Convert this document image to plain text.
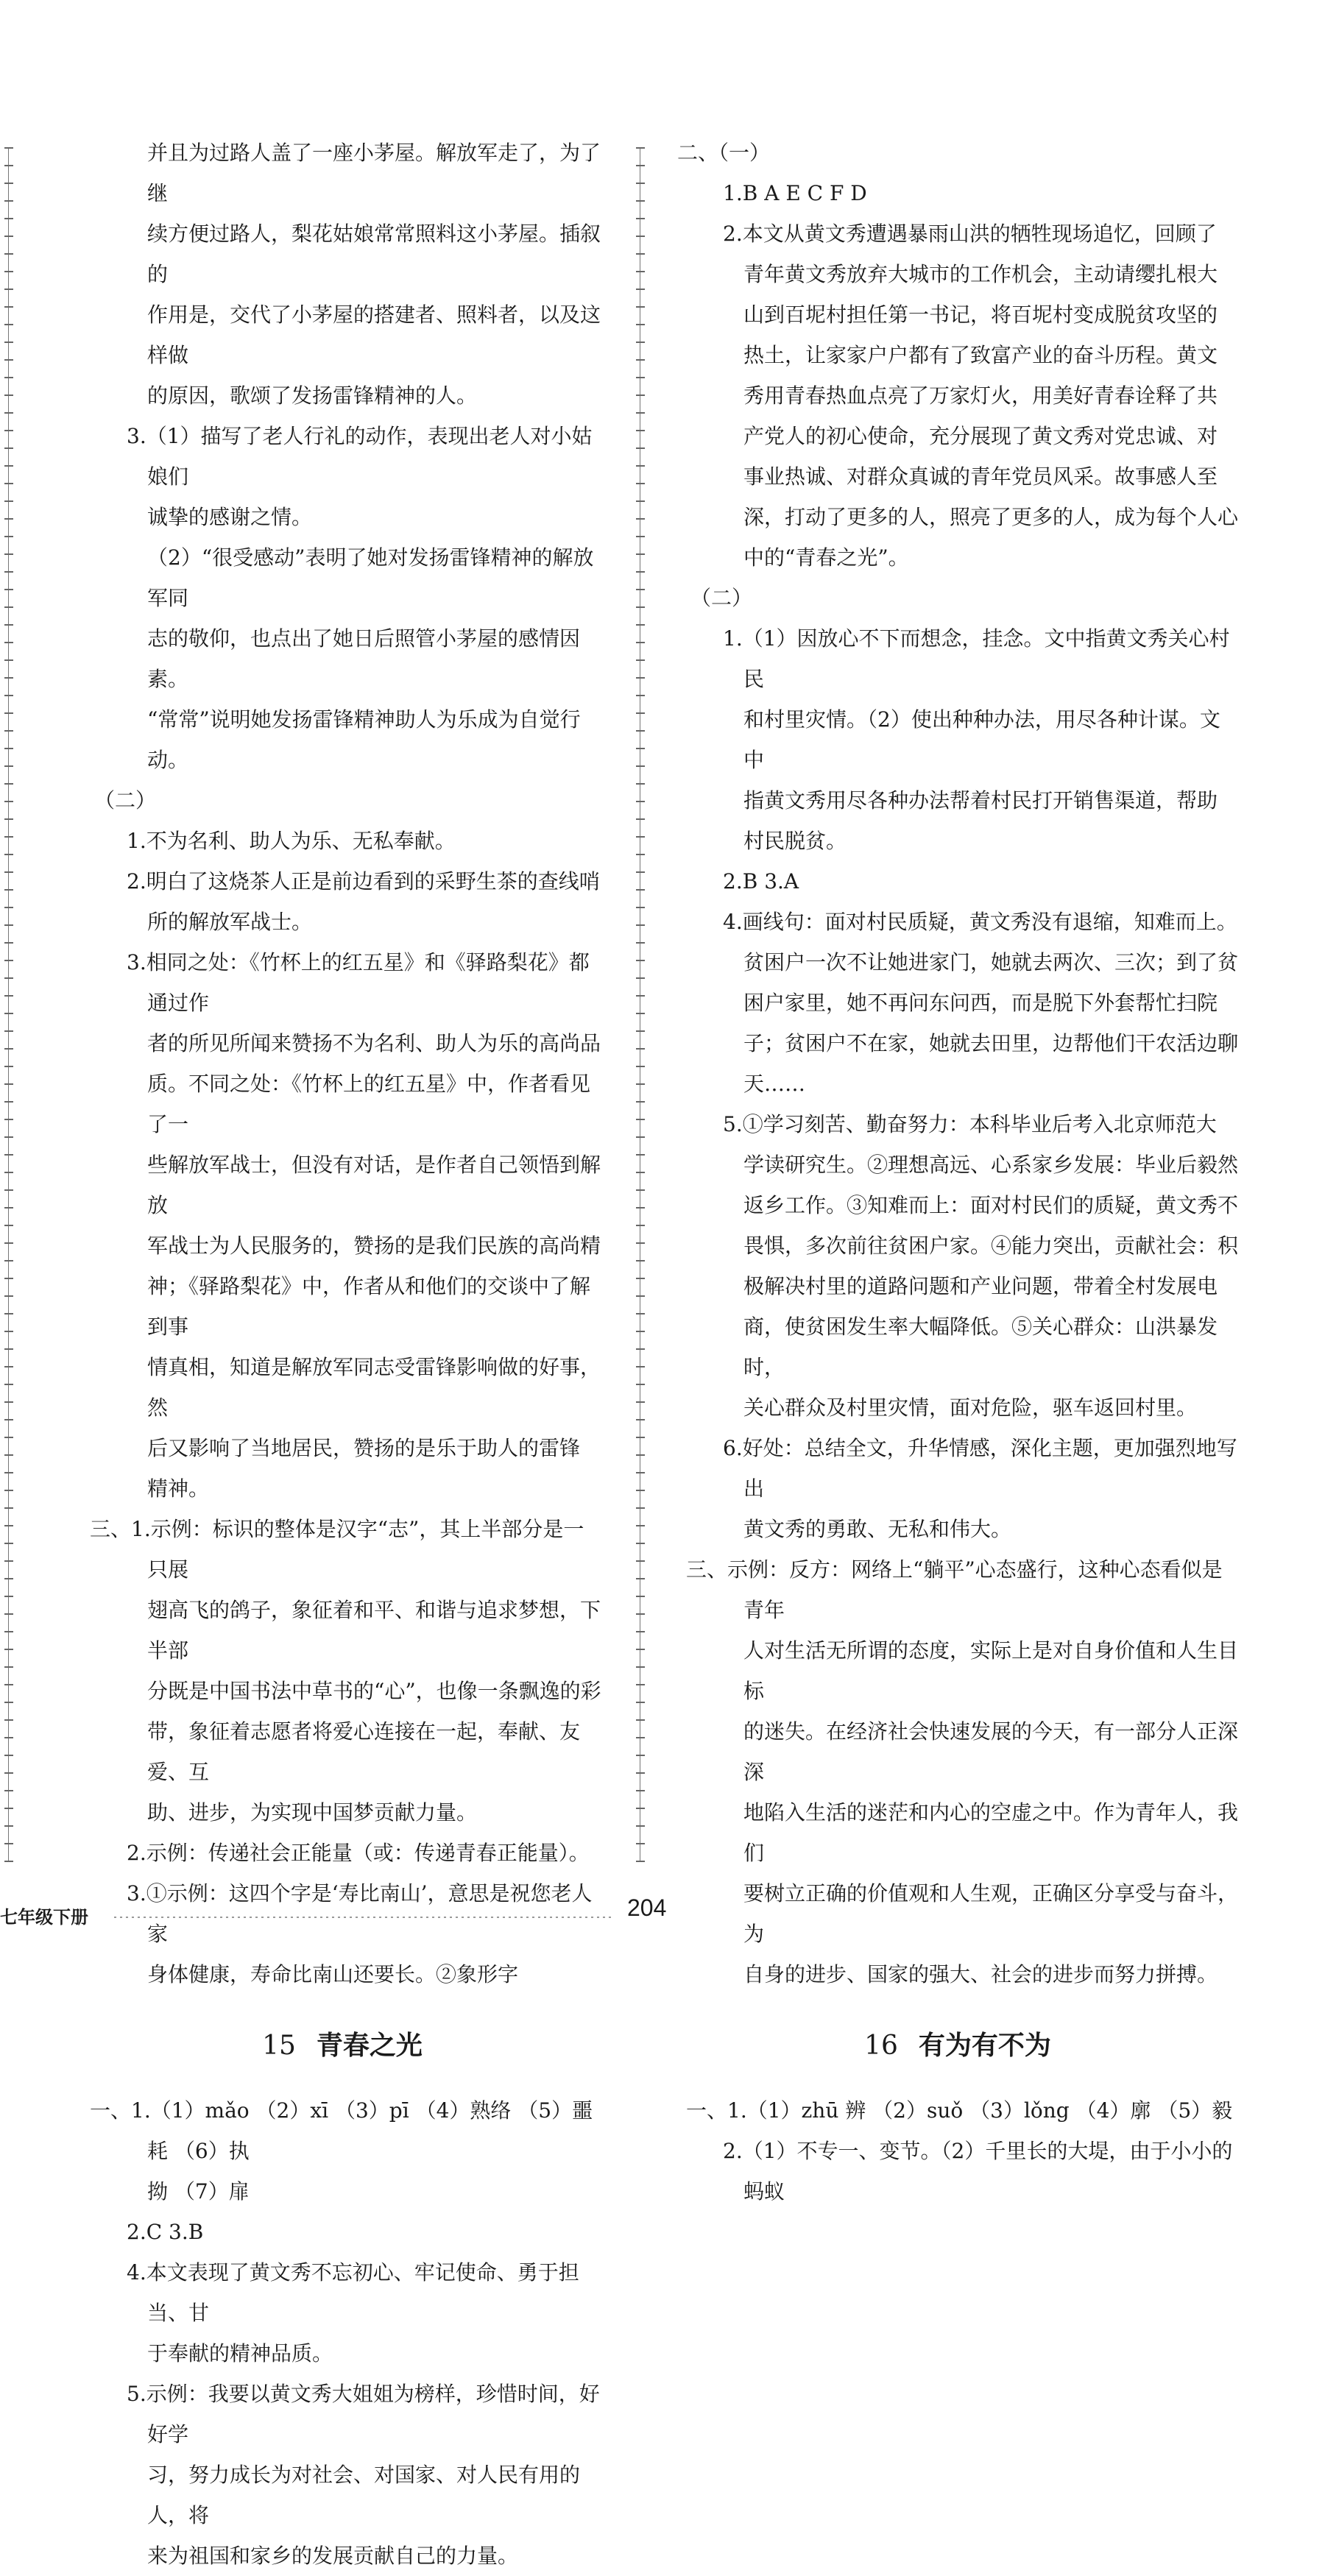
并且为过路人盖了一座小茅屋。解放军走了，为了继

续方便过路人，梨花姑娘常常照料这小茅屋。插叙的

作用是，交代了小茅屋的搭建者、照料者，以及这样做

的原因，歌颂了发扬雷锋精神的人。

3.（1）描写了老人行礼的动作，表现出老人对小姑娘们

诚挚的感谢之情。

（2）“很受感动”表明了她对发扬雷锋精神的解放军同

志的敬仰，也点出了她日后照管小茅屋的感情因素。

“常常”说明她发扬雷锋精神助人为乐成为自觉行动。

（二）

1.不为名利、助人为乐、无私奉献。

2.明白了这烧茶人正是前边看到的采野生茶的查线哨

所的解放军战士。

3.相同之处：《竹杯上的红五星》和《驿路梨花》都通过作

者的所见所闻来赞扬不为名利、助人为乐的高尚品

质。不同之处：《竹杯上的红五星》中，作者看见了一

些解放军战士，但没有对话，是作者自己领悟到解放

军战士为人民服务的，赞扬的是我们民族的高尚精

神；《驿路梨花》中，作者从和他们的交谈中了解到事

情真相，知道是解放军同志受雷锋影响做的好事，然

后又影响了当地居民，赞扬的是乐于助人的雷锋

精神。

三、1.示例：标识的整体是汉字“志”，其上半部分是一只展

翅高飞的鸽子，象征着和平、和谐与追求梦想，下半部

分既是中国书法中草书的“心”，也像一条飘逸的彩

带，象征着志愿者将爱心连接在一起，奉献、友爱、互

助、进步，为实现中国梦贡献力量。

2.示例：传递社会正能量（或：传递青春正能量）。

3.①示例：这四个字是‘寿比南山’，意思是祝您老人家

身体健康，寿命比南山还要长。②象形字

15 青春之光

一、1.（1）mǎo （2）xī （3）pī （4）熟络 （5）噩耗 （6）执

拗 （7）扉

2.C 3.B

4.本文表现了黄文秀不忘初心、牢记使命、勇于担当、甘

于奉献的精神品质。

5.示例：我要以黄文秀大姐姐为榜样，珍惜时间，好好学

习，努力成长为对社会、对国家、对人民有用的人，将

来为祖国和家乡的发展贡献自己的力量。

二、（一）

1.B A E C F D

2.本文从黄文秀遭遇暴雨山洪的牺牲现场追忆，回顾了

青年黄文秀放弃大城市的工作机会，主动请缨扎根大

山到百坭村担任第一书记，将百坭村变成脱贫攻坚的

热土，让家家户户都有了致富产业的奋斗历程。黄文

秀用青春热血点亮了万家灯火，用美好青春诠释了共

产党人的初心使命，充分展现了黄文秀对党忠诚、对

事业热诚、对群众真诚的青年党员风采。故事感人至

深，打动了更多的人，照亮了更多的人，成为每个人心

中的“青春之光”。

（二）

1.（1）因放心不下而想念，挂念。文中指黄文秀关心村民

和村里灾情。（2）使出种种办法，用尽各种计谋。文中

指黄文秀用尽各种办法帮着村民打开销售渠道，帮助

村民脱贫。

2.B 3.A

4.画线句：面对村民质疑，黄文秀没有退缩，知难而上。

贫困户一次不让她进家门，她就去两次、三次；到了贫

困户家里，她不再问东问西，而是脱下外套帮忙扫院

子；贫困户不在家，她就去田里，边帮他们干农活边聊

天……

5.①学习刻苦、勤奋努力：本科毕业后考入北京师范大

学读研究生。②理想高远、心系家乡发展：毕业后毅然

返乡工作。③知难而上：面对村民们的质疑，黄文秀不

畏惧，多次前往贫困户家。④能力突出，贡献社会：积

极解决村里的道路问题和产业问题，带着全村发展电

商，使贫困发生率大幅降低。⑤关心群众：山洪暴发时，

关心群众及村里灾情，面对危险，驱车返回村里。

6.好处：总结全文，升华情感，深化主题，更加强烈地写出

黄文秀的勇敢、无私和伟大。

三、示例：反方：网络上“躺平”心态盛行，这种心态看似是青年

人对生活无所谓的态度，实际上是对自身价值和人生目标

的迷失。在经济社会快速发展的今天，有一部分人正深深

地陷入生活的迷茫和内心的空虚之中。作为青年人，我们

要树立正确的价值观和人生观，正确区分享受与奋斗，为

自身的进步、国家的强大、社会的进步而努力拼搏。

16 有为有不为

一、1.（1）zhū 辨 （2）suǒ （3）lǒng （4）廓 （5）毅

2.（1）不专一、变节。（2）千里长的大堤，由于小小的蚂蚁

七年级下册	204
